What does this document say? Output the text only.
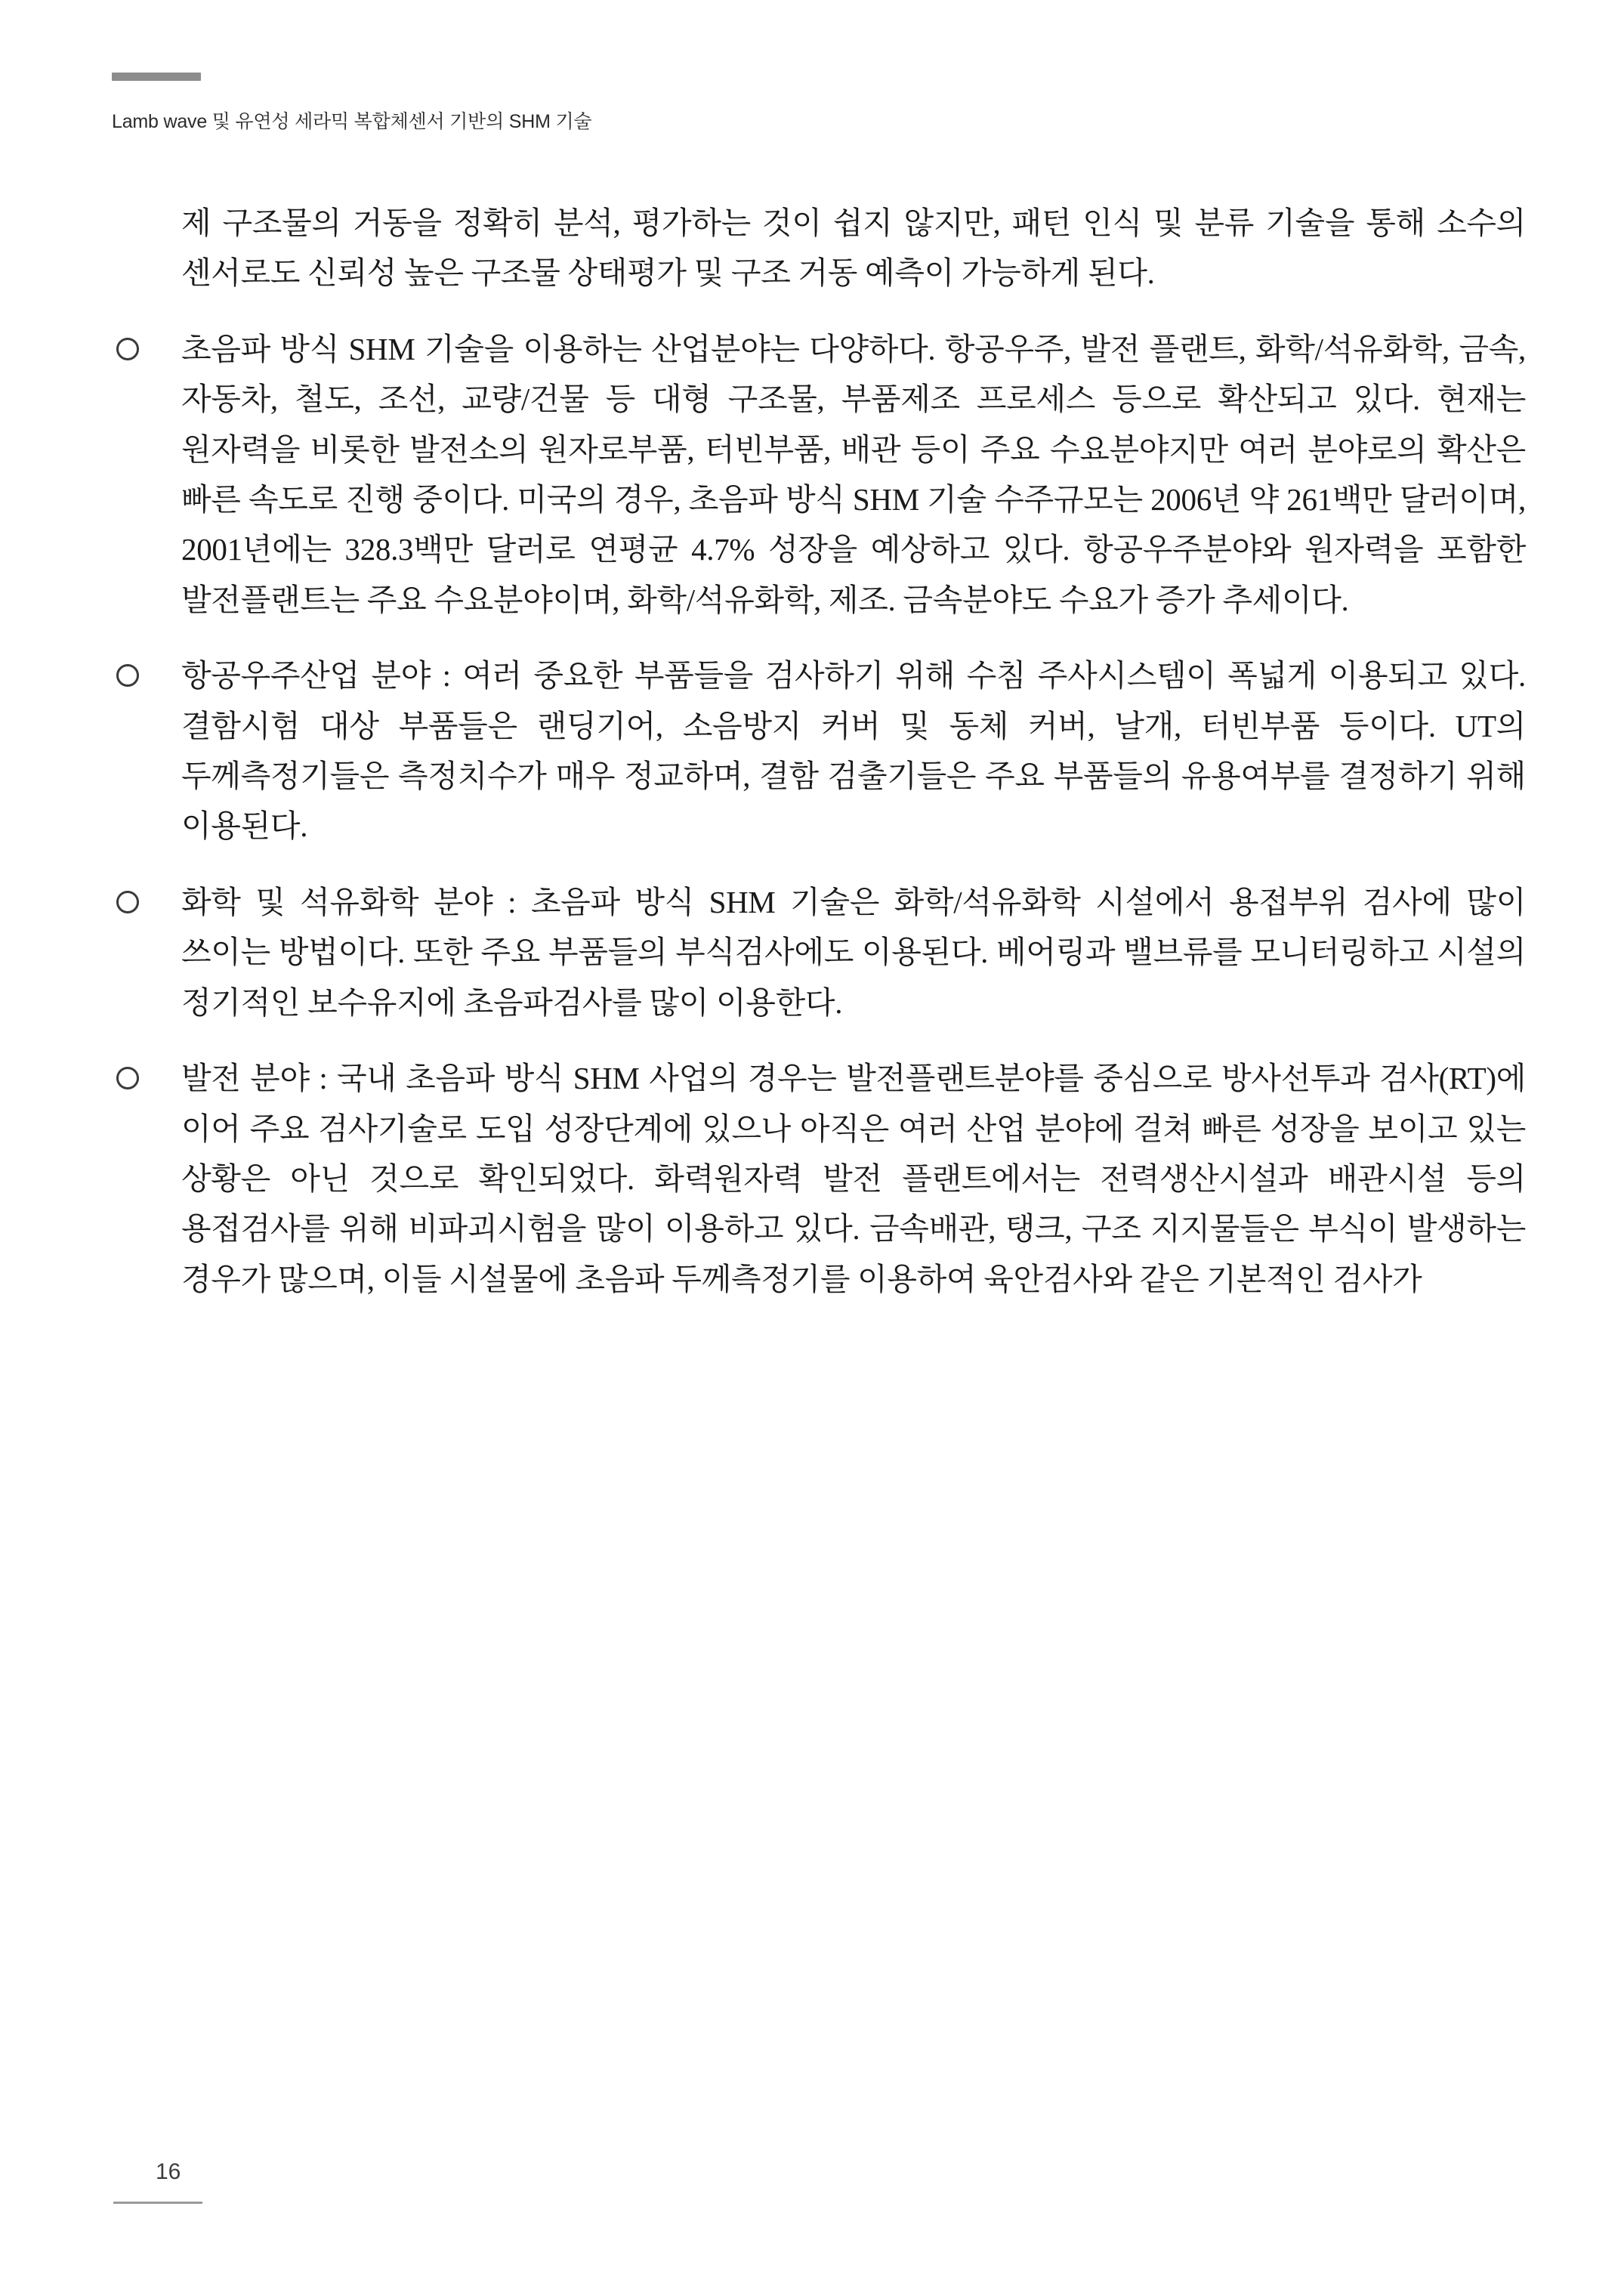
Lamb wave 및 유연성 세라믹 복합체센서 기반의 SHM 기술

제 구조물의 거동을 정확히 분석, 평가하는 것이 쉽지 않지만, 패턴 인식 및 분류 기술을 통해 소수의 센서로도 신뢰성 높은 구조물 상태평가 및 구조 거동 예측이 가능하게 된다.

초음파 방식 SHM 기술을 이용하는 산업분야는 다양하다. 항공우주, 발전 플랜트, 화학/석유화학, 금속, 자동차, 철도, 조선, 교량/건물 등 대형 구조물, 부품제조 프로세스 등으로 확산되고 있다. 현재는 원자력을 비롯한 발전소의 원자로부품, 터빈부품, 배관 등이 주요 수요분야지만 여러 분야로의 확산은 빠른 속도로 진행 중이다. 미국의 경우, 초음파 방식 SHM 기술 수주규모는 2006년 약 261백만 달러이며, 2001년에는 328.3백만 달러로 연평균 4.7% 성장을 예상하고 있다. 항공우주분야와 원자력을 포함한 발전플랜트는 주요 수요분야이며, 화학/석유화학, 제조. 금속분야도 수요가 증가 추세이다.

항공우주산업 분야 : 여러 중요한 부품들을 검사하기 위해 수침 주사시스템이 폭넓게 이용되고 있다. 결함시험 대상 부품들은 랜딩기어, 소음방지 커버 및 동체 커버, 날개, 터빈부품 등이다. UT의 두께측정기들은 측정치수가 매우 정교하며, 결함 검출기들은 주요 부품들의 유용여부를 결정하기 위해 이용된다.

화학 및 석유화학 분야 : 초음파 방식 SHM 기술은 화학/석유화학 시설에서 용접부위 검사에 많이 쓰이는 방법이다. 또한 주요 부품들의 부식검사에도 이용된다. 베어링과 밸브류를 모니터링하고 시설의 정기적인 보수유지에 초음파검사를 많이 이용한다.

발전 분야 : 국내 초음파 방식 SHM 사업의 경우는 발전플랜트분야를 중심으로 방사선투과 검사(RT)에 이어 주요 검사기술로 도입 성장단계에 있으나 아직은 여러 산업 분야에 걸쳐 빠른 성장을 보이고 있는 상황은 아닌 것으로 확인되었다. 화력원자력 발전 플랜트에서는 전력생산시설과 배관시설 등의 용접검사를 위해 비파괴시험을 많이 이용하고 있다. 금속배관, 탱크, 구조 지지물들은 부식이 발생하는 경우가 많으며, 이들 시설물에 초음파 두께측정기를 이용하여 육안검사와 같은 기본적인 검사가

16
